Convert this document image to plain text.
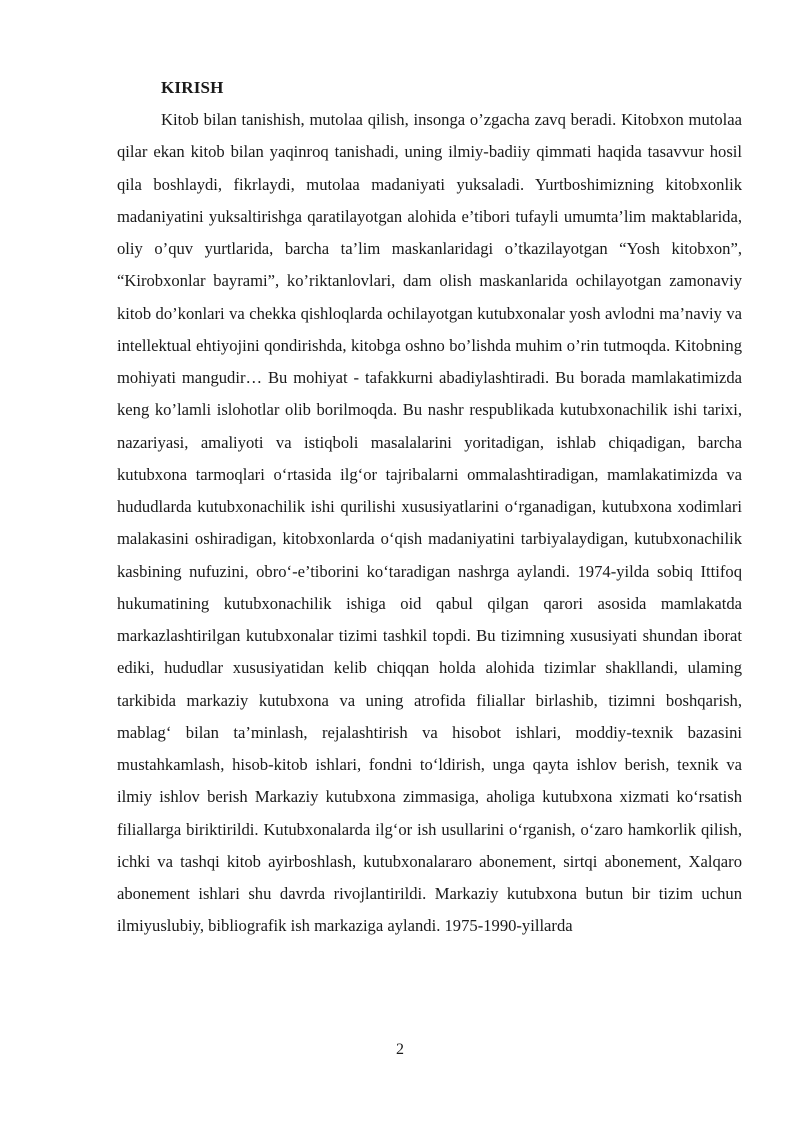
KIRISH

Kitob bilan tanishish, mutolaa qilish, insonga o’zgacha zavq beradi. Kitobxon mutolaa qilar ekan kitob bilan yaqinroq tanishadi, uning ilmiy-badiiy qimmati haqida tasavvur hosil qila boshlaydi, fikrlaydi, mutolaa madaniyati yuksaladi. Yurtboshimizning kitobxonlik madaniyatini yuksaltirishga qaratilayotgan alohida e’tibori tufayli umumta’lim maktablarida, oliy o’quv yurtlarida, barcha ta’lim maskanlaridagi o’tkazilayotgan “Yosh kitobxon”, “Kirobxonlar bayrami”, ko’riktanlovlari, dam olish maskanlarida ochilayotgan zamonaviy kitob do’konlari va chekka qishloqlarda ochilayotgan kutubxonalar yosh avlodni ma’naviy va intellektual ehtiyojini qondirishda, kitobga oshno bo’lishda muhim o’rin tutmoqda. Kitobning mohiyati mangudir… Bu mohiyat - tafakkurni abadiylashtiradi. Bu borada mamlakatimizda keng ko’lamli islohotlar olib borilmoqda. Bu nashr respublikada kutubxonachilik ishi tarixi, nazariyasi, amaliyoti va istiqboli masalalarini yoritadigan, ishlab chiqadigan, barcha kutubxona tarmoqlari o‘rtasida ilg‘or tajribalarni ommalashtiradigan, mamlakatimizda va hududlarda kutubxonachilik ishi qurilishi xususiyatlarini o‘rganadigan, kutubxona xodimlari malakasini oshiradigan, kitobxonlarda o‘qish madaniyatini tarbiyalaydigan, kutubxonachilik kasbining nufuzini, obro‘-e’tiborini ko‘taradigan nashrga aylandi. 1974-yilda sobiq Ittifoq hukumatining kutubxonachilik ishiga oid qabul qilgan qarori asosida mamlakatda markazlashtirilgan kutubxonalar tizimi tashkil topdi. Bu tizimning xususiyati shundan iborat ediki, hududlar xususiyatidan kelib chiqqan holda alohida tizimlar shakllandi, ulaming tarkibida markaziy kutubxona va uning atrofida filiallar birlashib, tizimni boshqarish, mablag‘ bilan ta’minlash, rejalashtirish va hisobot ishlari, moddiy-texnik bazasini mustahkamlash, hisob-kitob ishlari, fondni to‘ldirish, unga qayta ishlov berish, texnik va ilmiy ishlov berish Markaziy kutubxona zimmasiga, aholiga kutubxona xizmati ko‘rsatish filiallarga biriktirildi. Kutubxonalarda ilg‘or ish usullarini o‘rganish, o‘zaro hamkorlik qilish, ichki va tashqi kitob ayirboshlash, kutubxonalararo abonement, sirtqi abonement, Xalqaro abonement ishlari shu davrda rivojlantirildi. Markaziy kutubxona butun bir tizim uchun ilmiyuslubiy, bibliografik ish markaziga aylandi. 1975-1990-yillarda

2
